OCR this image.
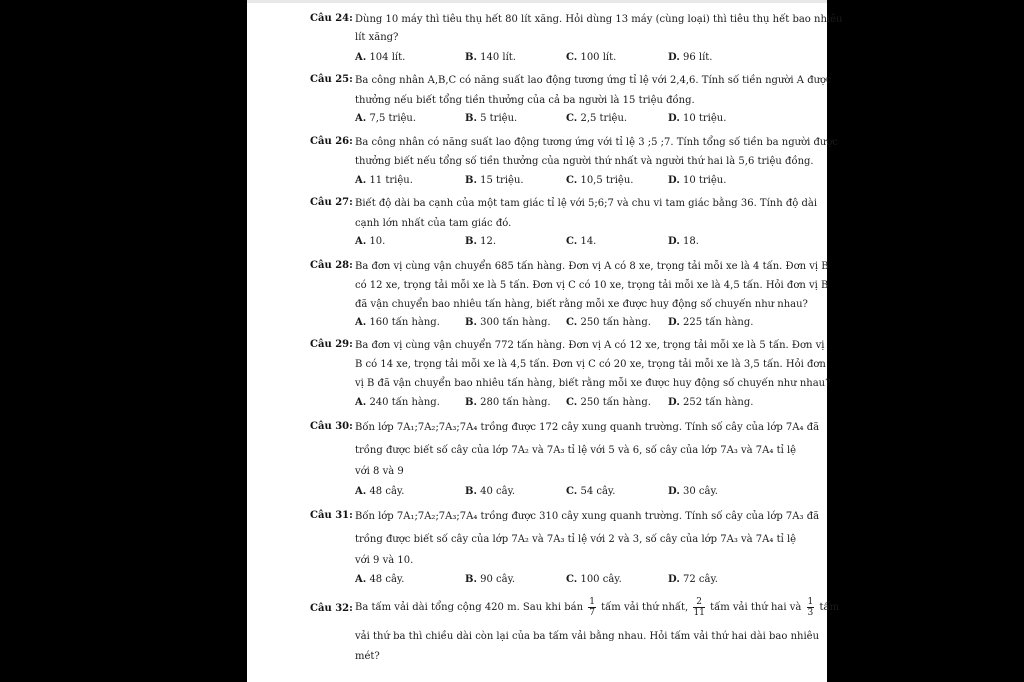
Câu 24: Dùng 10 máy thì tiêu thụ hết 80 lít xăng. Hỏi dùng 13 máy (cùng loại) thì tiêu thụ hết bao nhiêu
lít xăng?
A. 104 lít.	B. 140 lít.	C. 100 lít.	D. 96 lít.
Câu 25: Ba công nhân A,B,C có năng suất lao động tương ứng tỉ lệ với 2,4,6. Tính số tiền người A được
thưởng nếu biết tổng tiền thưởng của cả ba người là 15 triệu đồng.
A. 7,5 triệu.	B. 5 triệu.	C. 2,5 triệu.	D. 10 triệu.
Câu 26: Ba công nhân có năng suất lao động tương ứng với tỉ lệ 3 ;5 ;7. Tính tổng số tiền ba người được
thưởng biết nếu tổng số tiền thưởng của người thứ nhất và người thứ hai là 5,6 triệu đồng.
A. 11 triệu.	B. 15 triệu.	C. 10,5 triệu.	D. 10 triệu.
Câu 27: Biết độ dài ba cạnh của một tam giác tỉ lệ với 5;6;7 và chu vi tam giác bằng 36. Tính độ dài
cạnh lớn nhất của tam giác đó.
A. 10.	B. 12.	C. 14.	D. 18.
Câu 28: Ba đơn vị cùng vận chuyển 685 tấn hàng. Đơn vị A có 8 xe, trọng tải mỗi xe là 4 tấn. Đơn vị B
có 12 xe, trọng tải mỗi xe là 5 tấn. Đơn vị C có 10 xe, trọng tải mỗi xe là 4,5 tấn. Hỏi đơn vị B
đã vận chuyển bao nhiêu tấn hàng, biết rằng mỗi xe được huy động số chuyến như nhau?
A. 160 tấn hàng.	B. 300 tấn hàng. C. 250 tấn hàng. D. 225 tấn hàng.
Câu 29: Ba đơn vị cùng vận chuyển 772 tấn hàng. Đơn vị A có 12 xe, trọng tải mỗi xe là 5 tấn. Đơn vị
B có 14 xe, trọng tải mỗi xe là 4,5 tấn. Đơn vị C có 20 xe, trọng tải mỗi xe là 3,5 tấn. Hỏi đơn
vị B đã vận chuyển bao nhiêu tấn hàng, biết rằng mỗi xe được huy động số chuyến như nhau?
A. 240 tấn hàng.	B. 280 tấn hàng. C. 250 tấn hàng. D. 252 tấn hàng.
Câu 30: Bốn lớp 7A₁;7A₂;7A₃;7A₄ trồng được 172 cây xung quanh trường. Tính số cây của lớp 7A₄ đã
trồng được biết số cây của lớp 7A₂ và 7A₃ tỉ lệ với 5 và 6, số cây của lớp 7A₃ và 7A₄ tỉ lệ
với 8 và 9
A. 48 cây.	B. 40 cây.	C. 54 cây.	D. 30 cây.
Câu 31: Bốn lớp 7A₁;7A₂;7A₃;7A₄ trồng được 310 cây xung quanh trường. Tính số cây của lớp 7A₃ đã
trồng được biết số cây của lớp 7A₂ và 7A₃ tỉ lệ với 2 và 3, số cây của lớp 7A₃ và 7A₄ tỉ lệ
với 9 và 10.
A. 48 cây.	B. 90 cây.	C. 100 cây.	D. 72 cây.
Câu 32: Ba tấm vải dài tổng cộng 420 m. Sau khi bán $\frac{1}{7}$ tấm vải thứ nhất, $\frac{2}{11}$ tấm vải thứ hai và $\frac{1}{3}$ tấm
vải thứ ba thì chiều dài còn lại của ba tấm vải bằng nhau. Hỏi tấm vải thứ hai dài bao nhiêu
mét?
